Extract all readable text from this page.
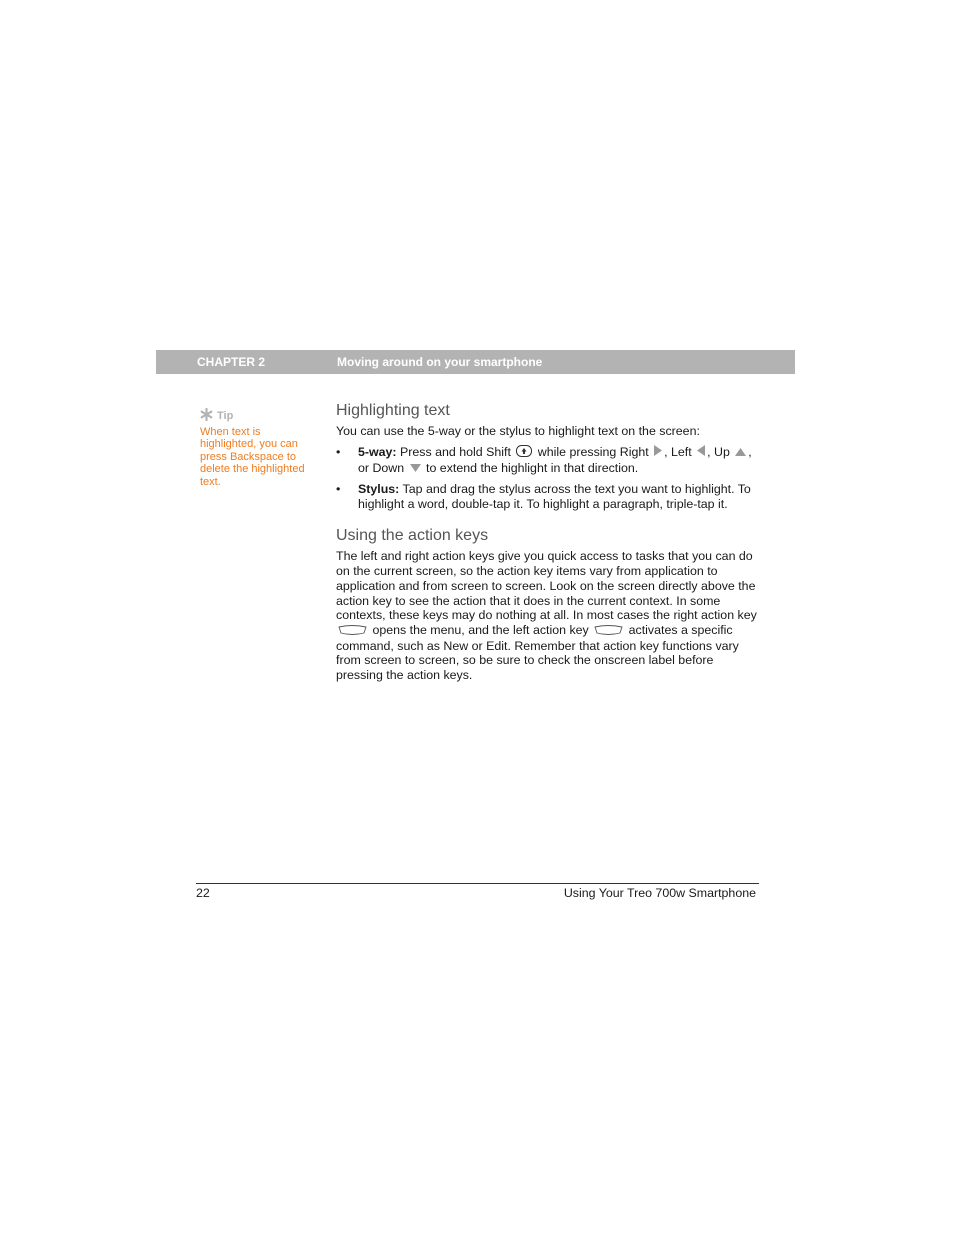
CHAPTER 2	Moving around on your smartphone
Tip
When text is highlighted, you can press Backspace to delete the highlighted text.
Highlighting text

You can use the 5-way or the stylus to highlight text on the screen:

• 5-way: Press and hold Shift  while pressing Right , Left , Up , or Down  to extend the highlight in that direction.
• Stylus: Tap and drag the stylus across the text you want to highlight. To highlight a word, double-tap it. To highlight a paragraph, triple-tap it.
Using the action keys

The left and right action keys give you quick access to tasks that you can do on the current screen, so the action key items vary from application to application and from screen to screen. Look on the screen directly above the action key to see the action that it does in the current context. In some contexts, these keys may do nothing at all. In most cases the right action key  opens the menu, and the left action key	activates a specific command, such as New or Edit. Remember that action key functions vary from screen to screen, so be sure to check the onscreen label before pressing the action keys.

22	Using Your Treo 700w Smartphone
